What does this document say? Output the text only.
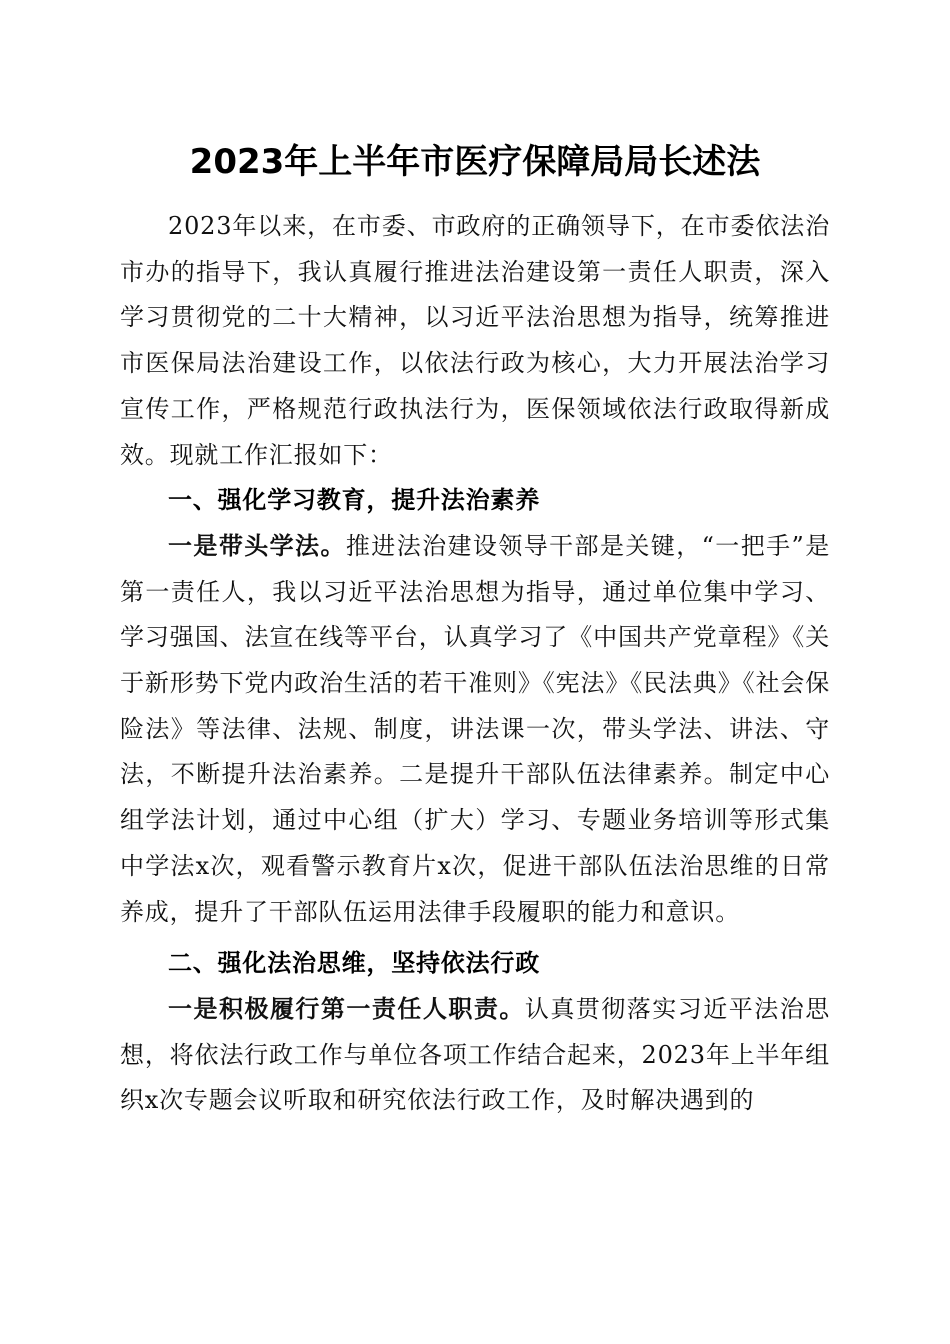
2023年上半年市医疗保障局局长述法

2023年以来，在市委、市政府的正确领导下，在市委依法治市办的指导下，我认真履行推进法治建设第一责任人职责，深入学习贯彻党的二十大精神，以习近平法治思想为指导，统筹推进市医保局法治建设工作，以依法行政为核心，大力开展法治学习宣传工作，严格规范行政执法行为，医保领域依法行政取得新成效。现就工作汇报如下：

一、强化学习教育，提升法治素养

一是带头学法。推进法治建设领导干部是关键，“一把手”是第一责任人，我以习近平法治思想为指导，通过单位集中学习、学习强国、法宣在线等平台，认真学习了《中国共产党章程》《关于新形势下党内政治生活的若干准则》《宪法》《民法典》《社会保险法》等法律、法规、制度，讲法课一次，带头学法、讲法、守法，不断提升法治素养。二是提升干部队伍法律素养。制定中心组学法计划，通过中心组（扩大）学习、专题业务培训等形式集中学法x次，观看警示教育片x次，促进干部队伍法治思维的日常养成，提升了干部队伍运用法律手段履职的能力和意识。

二、强化法治思维，坚持依法行政

一是积极履行第一责任人职责。认真贯彻落实习近平法治思想，将依法行政工作与单位各项工作结合起来，2023年上半年组织x次专题会议听取和研究依法行政工作，及时解决遇到的
